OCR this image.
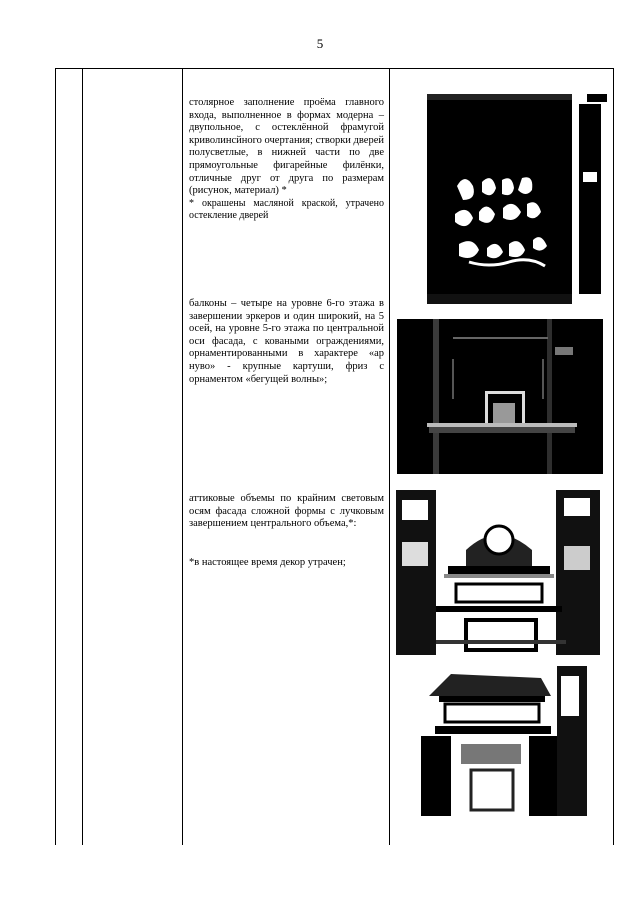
5

столярное заполнение проёма главного входа, выполненное в формах модерна – двупольное, с остеклённой фрамугой криволинсйного очертания; створки дверей полусветлые, в нижней части по две прямоугольные фигарейные филёнки, отличные друг от друга по размерам (рисунок, материал) *

* окрашены масляной краской, утрачено остекление дверей

балконы – четыре на уровне 6-го этажа в завершении эркеров и один широкий, на 5 осей, на уровне 5-го этажа по центральной оси фасада, с коваными ограждениями, орнаментированными в характере «ар нуво» - крупные картуши, фриз с орнаментом «бегущей волны»;

аттиковые объемы по крайним световым осям фасада сложной формы с лучковым завершением центрального объема,*:

*в настоящее время декор утрачен;
